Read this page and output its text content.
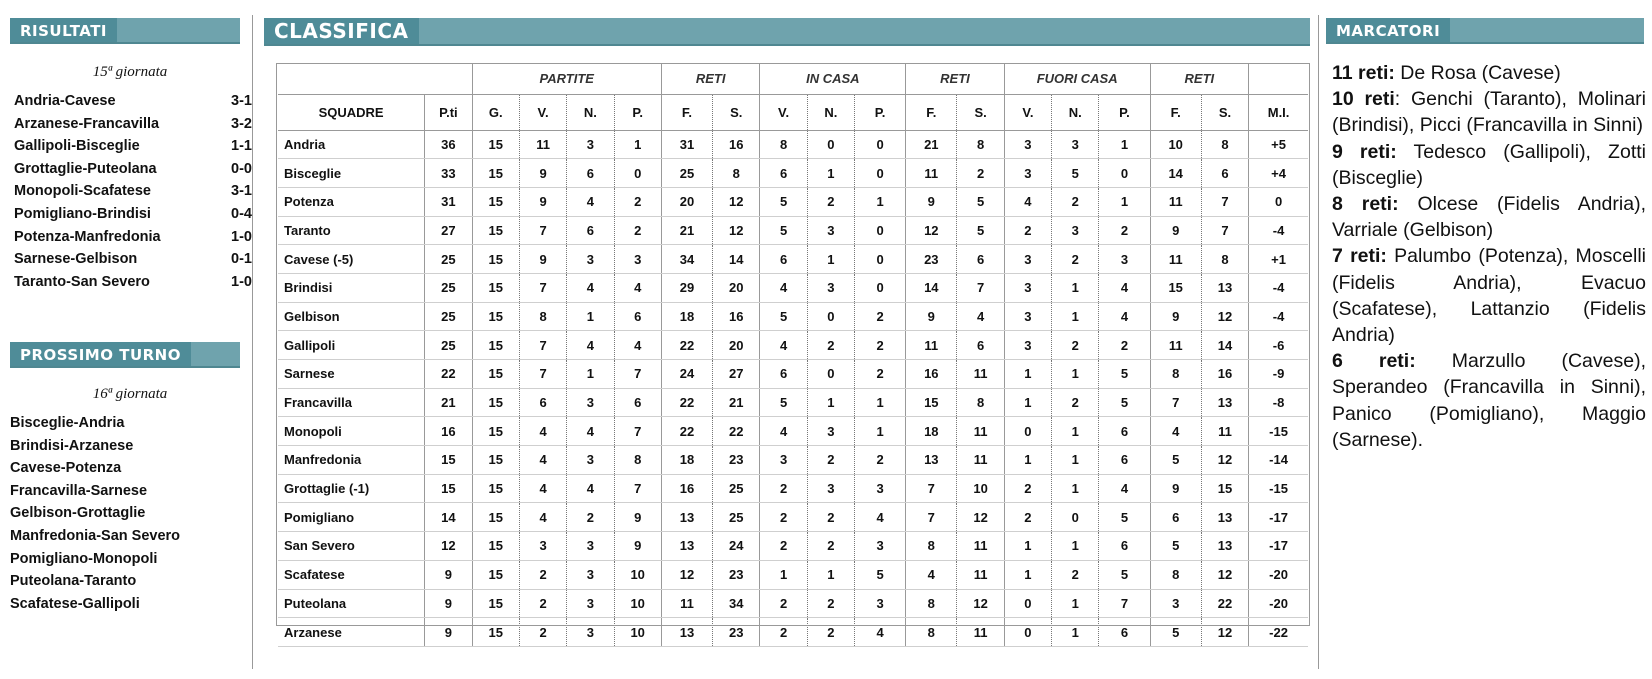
RISULTATI
15ª giornata
Andria-Cavese	3-1
Arzanese-Francavilla	3-2
Gallipoli-Bisceglie	1-1
Grottaglie-Puteolana	0-0
Monopoli-Scafatese	3-1
Pomigliano-Brindisi	0-4
Potenza-Manfredonia	1-0
Sarnese-Gelbison	0-1
Taranto-San Severo	1-0
PROSSIMO TURNO
16ª giornata
Bisceglie-Andria
Brindisi-Arzanese
Cavese-Potenza
Francavilla-Sarnese
Gelbison-Grottaglie
Manfredonia-San Severo
Pomigliano-Monopoli
Puteolana-Taranto
Scafatese-Gallipoli
CLASSIFICA
		PARTITE				RETI		IN CASA			RETI		FUORI CASA			RETI		
SQUADRE	P.ti	G.	V.	N.	P.	F.	S.	V.	N.	P.	F.	S.	V.	N.	P.	F.	S.	M.I.
Andria	36	15	11	3	1	31	16	8	0	0	21	8	3	3	1	10	8	+5
Bisceglie	33	15	9	6	0	25	8	6	1	0	11	2	3	5	0	14	6	+4
Potenza	31	15	9	4	2	20	12	5	2	1	9	5	4	2	1	11	7	0
Taranto	27	15	7	6	2	21	12	5	3	0	12	5	2	3	2	9	7	-4
Cavese (-5)	25	15	9	3	3	34	14	6	1	0	23	6	3	2	3	11	8	+1
Brindisi	25	15	7	4	4	29	20	4	3	0	14	7	3	1	4	15	13	-4
Gelbison	25	15	8	1	6	18	16	5	0	2	9	4	3	1	4	9	12	-4
Gallipoli	25	15	7	4	4	22	20	4	2	2	11	6	3	2	2	11	14	-6
Sarnese	22	15	7	1	7	24	27	6	0	2	16	11	1	1	5	8	16	-9
Francavilla	21	15	6	3	6	22	21	5	1	1	15	8	1	2	5	7	13	-8
Monopoli	16	15	4	4	7	22	22	4	3	1	18	11	0	1	6	4	11	-15
Manfredonia	15	15	4	3	8	18	23	3	2	2	13	11	1	1	6	5	12	-14
Grottaglie (-1)	15	15	4	4	7	16	25	2	3	3	7	10	2	1	4	9	15	-15
Pomigliano	14	15	4	2	9	13	25	2	2	4	7	12	2	0	5	6	13	-17
San Severo	12	15	3	3	9	13	24	2	2	3	8	11	1	1	6	5	13	-17
Scafatese	9	15	2	3	10	12	23	1	1	5	4	11	1	2	5	8	12	-20
Puteolana	9	15	2	3	10	11	34	2	2	3	8	12	0	1	7	3	22	-20
Arzanese	9	15	2	3	10	13	23	2	2	4	8	11	0	1	6	5	12	-22
MARCATORI

11 reti: De Rosa (Cavese)

10 reti: Genchi (Taranto), Molinari (Brindisi), Picci (Francavilla in Sinni)

9 reti: Tedesco (Gallipoli), Zotti (Bisceglie)

8 reti: Olcese (Fidelis Andria), Varriale (Gelbison)

7 reti: Palumbo (Potenza), Moscelli (Fidelis Andria), Evacuo (Scafatese), Lattanzio (Fidelis Andria)

6 reti: Marzullo (Cavese), Sperandeo (Francavilla in Sinni), Panico (Pomigliano), Maggio (Sarnese).
